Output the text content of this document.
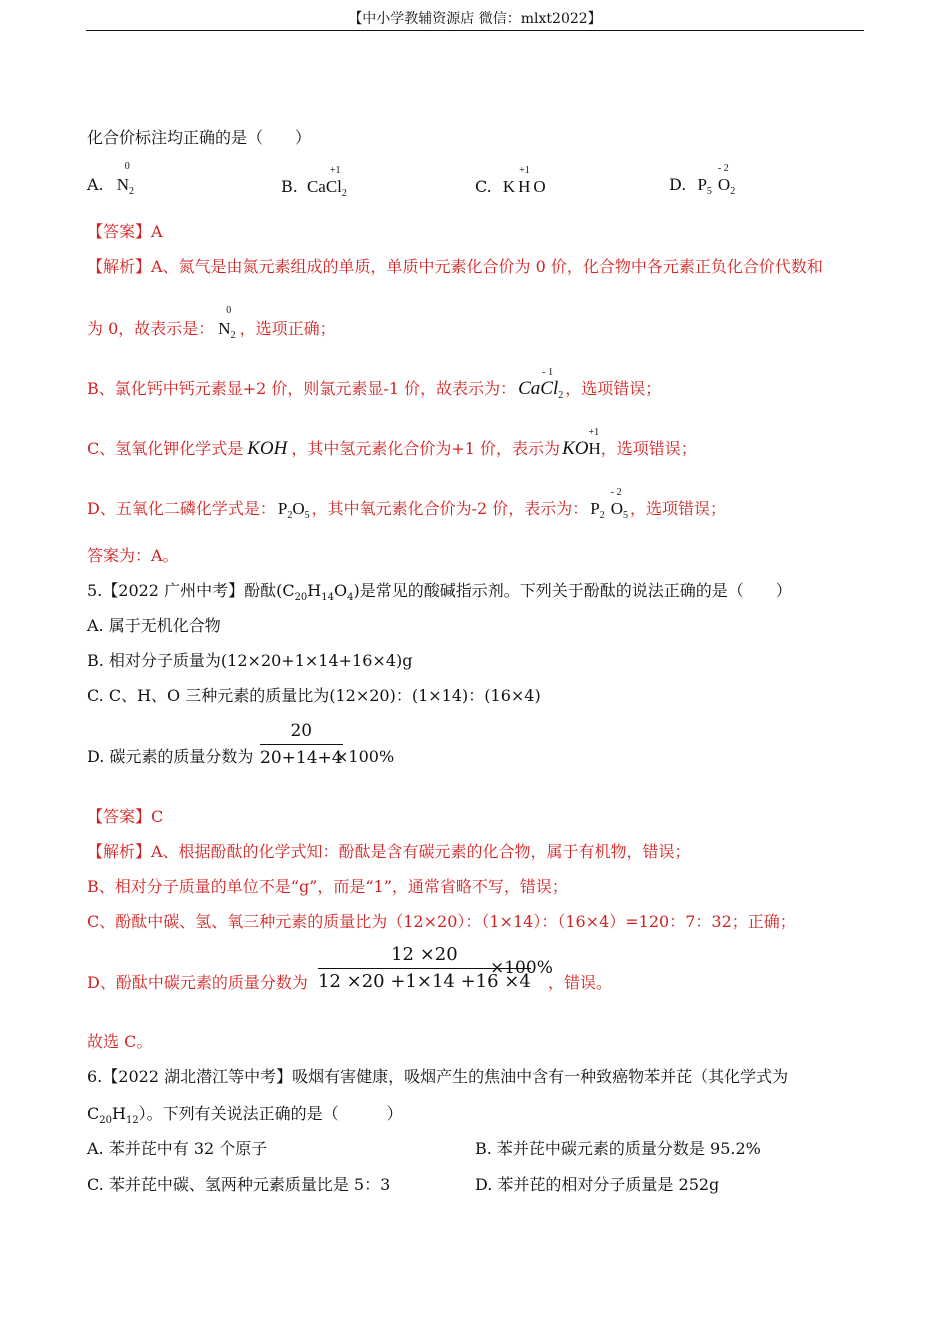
【中小学教辅资源店 微信：mlxt2022】
化合价标注均正确的是（　　）
A.
0
$N_2$	B. Ca
+1
$Cl_2$	C. K
+1
HO	D. $P_5$
- 2
$O_2$
【答案】A
【解析】A、氮气是由氮元素组成的单质，单质中元素化合价为 0 价，化合物中各元素正负化合价代数和
为 0，故表示是：
0
$N_2$ ，选项正确；
B、氯化钙中钙元素显+2 价，则氯元素显-1 价，故表示为： Ca
- 1
$Cl_2$ ，选项错误；
C、氢氧化钾化学式是 KOH ，其中氢元素化合价为+1 价，表示为 KO
+1
H，选项错误；
D、五氧化二磷化学式是： $P_2O_5$ ，其中氧元素化合价为-2 价，表示为： $P_2$
- 2
$O_5$ ，选项错误；
答案为：A。
5.【2022 广州中考】酚酞$(C_{20}H_{14}O_4)$是常见的酸碱指示剂。下列关于酚酞的说法正确的是（　　）
A. 属于无机化合物
B. 相对分子质量为(12×20+1×14+16×4)g
C. C、H、O 三种元素的质量比为(12×20)：(1×14)：(16×4)
D. 碳元素的质量分数为 $\frac{20}{20+14+4}$
×100%
【答案】C
【解析】A、根据酚酞的化学式知：酚酞是含有碳元素的化合物，属于有机物，错误；
B、相对分子质量的单位不是“g”，而是“1”，通常省略不写，错误；
C、酚酞中碳、氢、氧三种元素的质量比为（12×20）：（1×14）：（16×4）=120：7：32；正确；
D、酚酞中碳元素的质量分数为 $\frac{12 \times 20}{12 \times 20 +1\times 14 +16 \times 4}$
×100%
，错误。
故选 C。
6.【2022 湖北潜江等中考】吸烟有害健康，吸烟产生的焦油中含有一种致癌物苯并芘（其化学式为
$C_{20}H_{12}$）。下列有关说法正确的是（　　　）
A. 苯并芘中有 32 个原子	B. 苯并芘中碳元素的质量分数是 95.2%
C. 苯并芘中碳、氢两种元素质量比是 5：3	D. 苯并芘的相对分子质量是 252g
